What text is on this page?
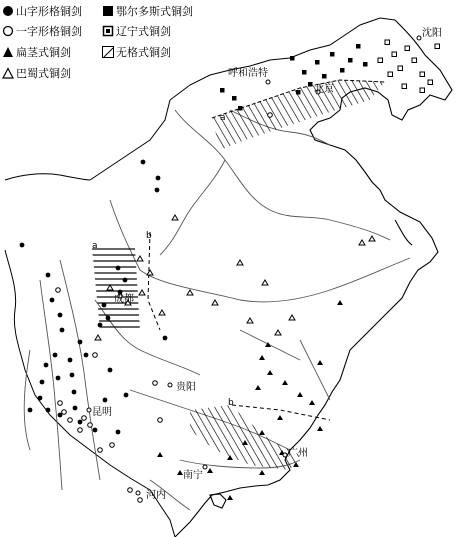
a
b
a
b
山字形格铜剑	鄂尔多斯式铜剑
一字形格铜剑	辽宁式铜剑
扁茎式铜剑	无格式铜剑
巴蜀式铜剑
沈阳
呼和浩特
北京
成都
贵阳
昆明
广州
南宁
河内
